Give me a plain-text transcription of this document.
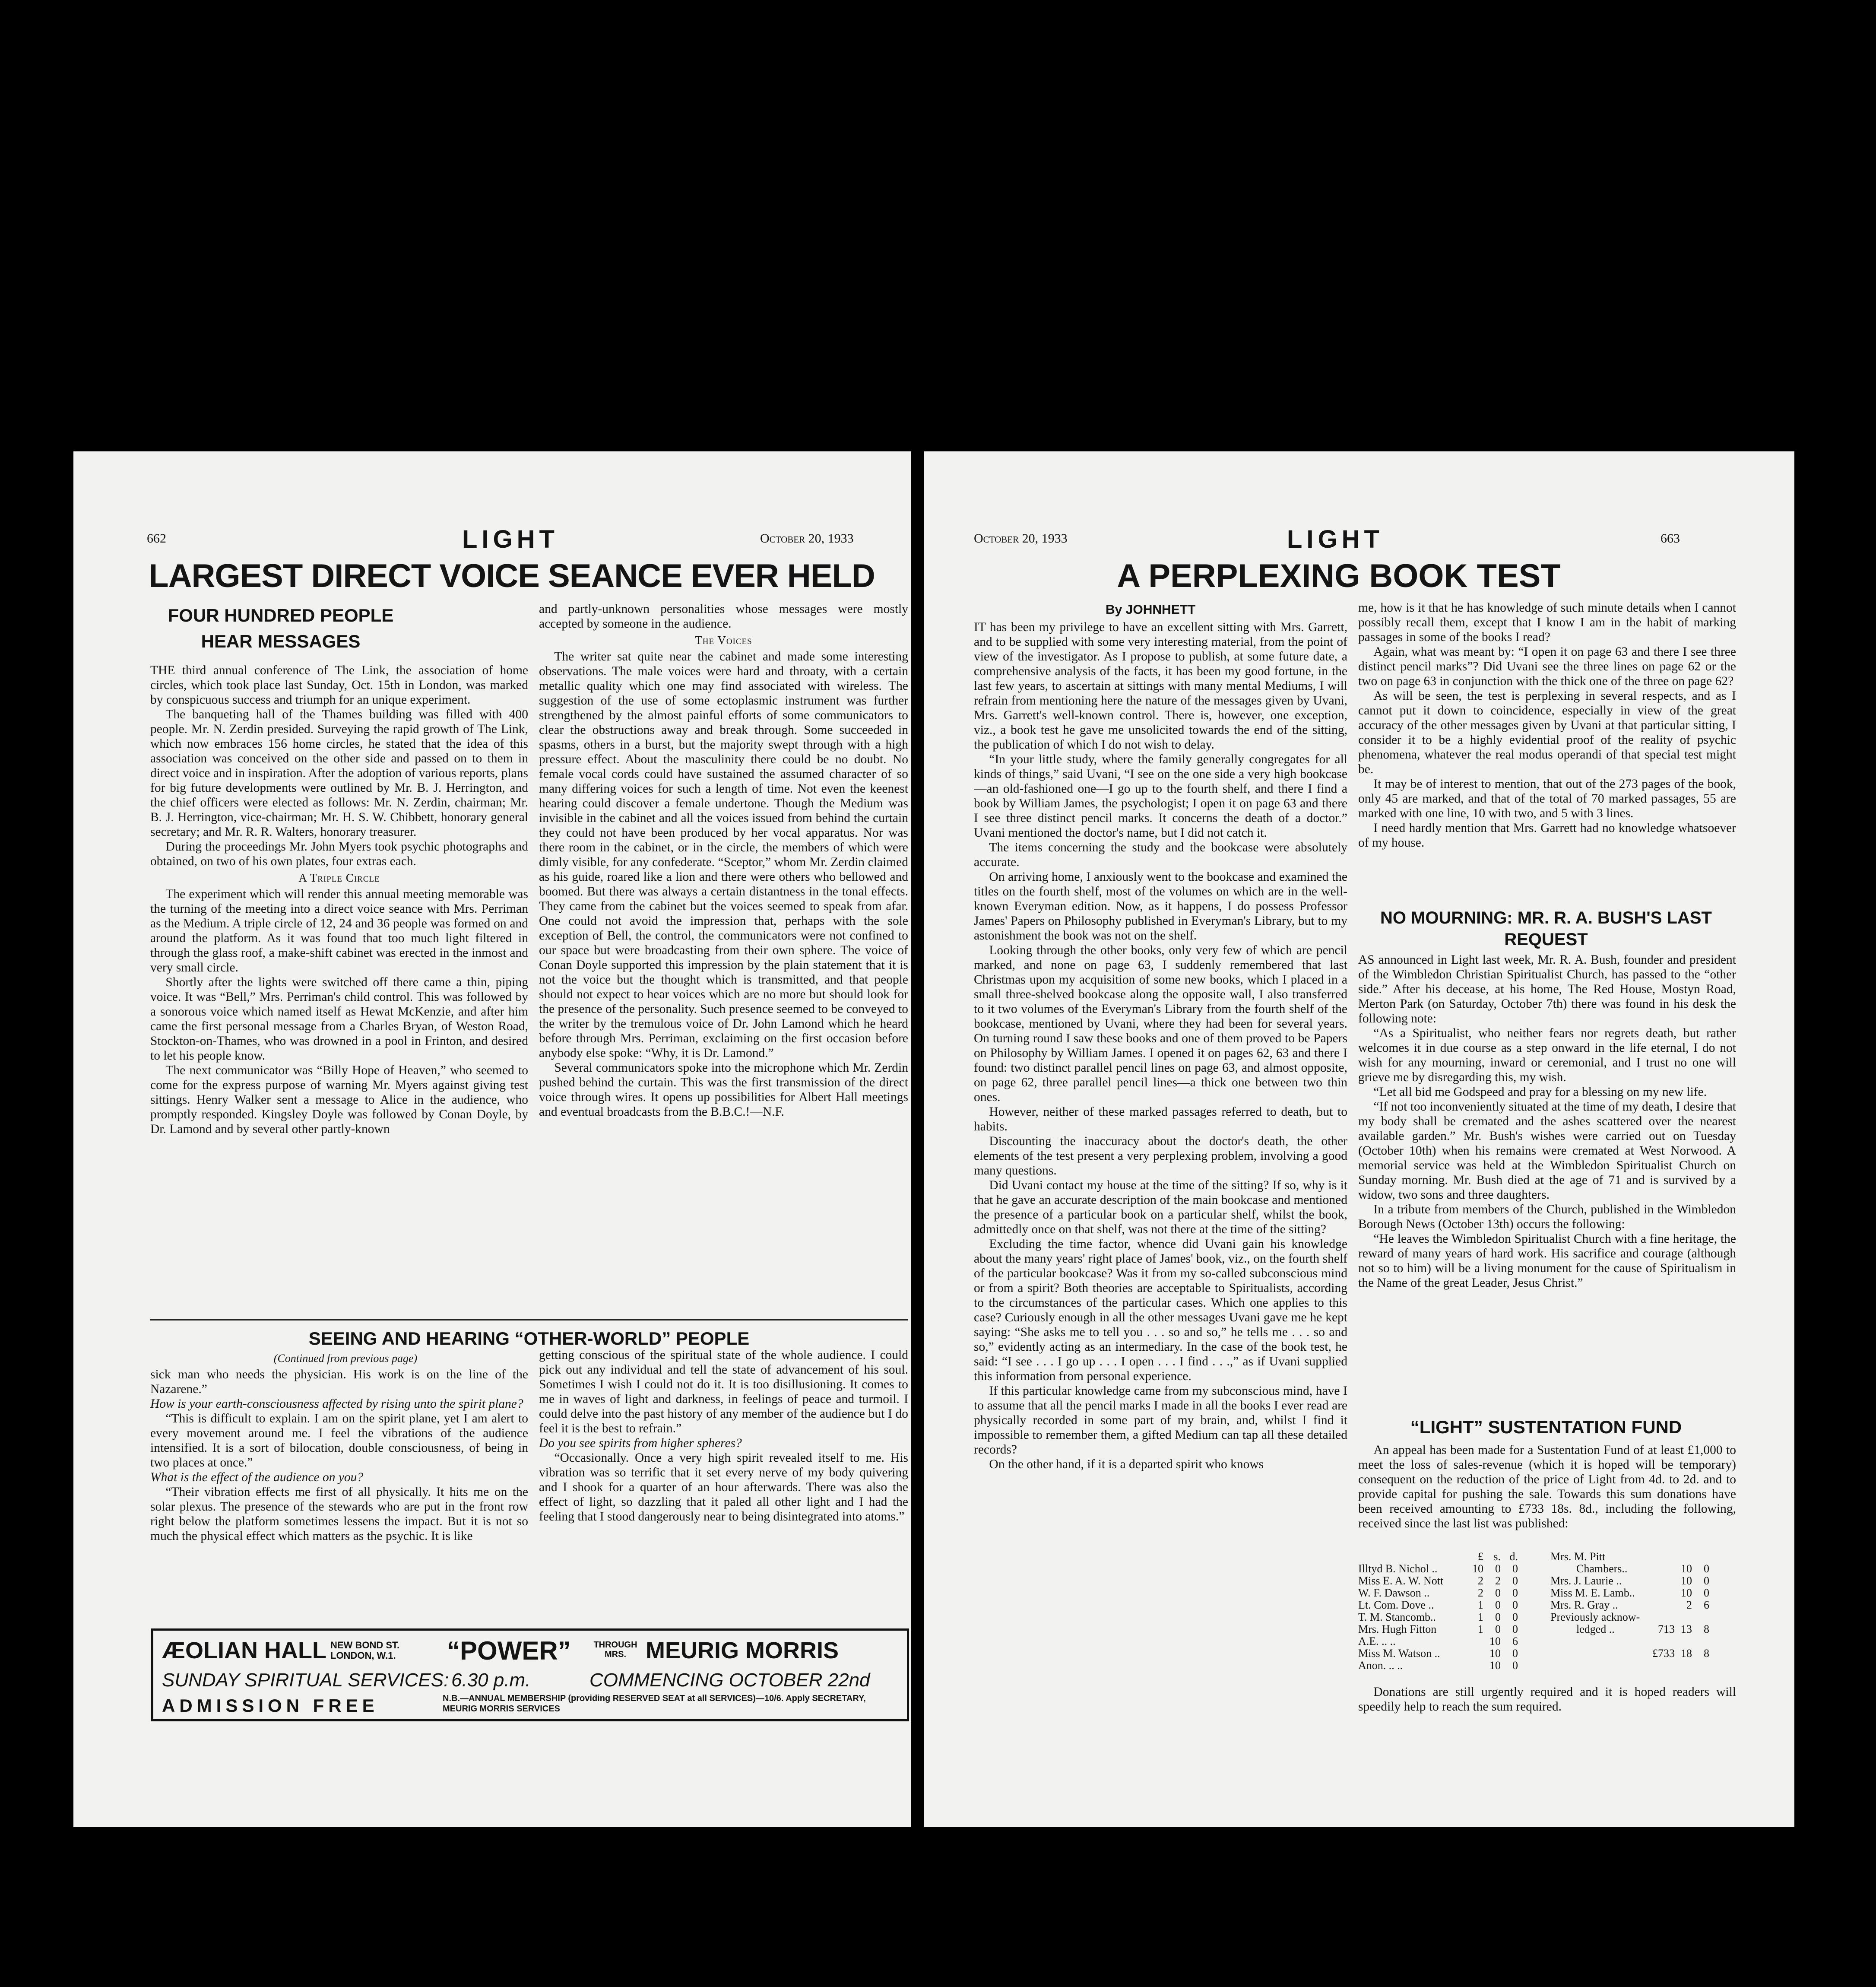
662	LIGHT	October 20, 1933
LARGEST DIRECT VOICE SEANCE EVER HELD
FOUR HUNDRED PEOPLE HEAR MESSAGES

THE third annual conference of The Link, the association of home circles, which took place last Sunday, Oct. 15th in London, was marked by conspicuous success and triumph for an unique experiment.

The banqueting hall of the Thames building was filled with 400 people. Mr. N. Zerdin presided. Surveying the rapid growth of The Link, which now embraces 156 home circles, he stated that the idea of this association was conceived on the other side and passed on to them in direct voice and in inspiration. After the adoption of various reports, plans for big future developments were outlined by Mr. B. J. Herrington, and the chief officers were elected as follows: Mr. N. Zerdin, chairman; Mr. B. J. Herrington, vice-chairman; Mr. H. S. W. Chibbett, honorary general secretary; and Mr. R. R. Walters, honorary treasurer.

During the proceedings Mr. John Myers took psychic photographs and obtained, on two of his own plates, four extras each.

A Triple Circle

The experiment which will render this annual meeting memorable was the turning of the meeting into a direct voice seance with Mrs. Perriman as the Medium. A triple circle of 12, 24 and 36 people was formed on and around the platform. As it was found that too much light filtered in through the glass roof, a make-shift cabinet was erected in the inmost and very small circle.

Shortly after the lights were switched off there came a thin, piping voice. It was “Bell,” Mrs. Perriman's child control. This was followed by a sonorous voice which named itself as Hewat McKenzie, and after him came the first personal message from a Charles Bryan, of Weston Road, Stockton-on-Thames, who was drowned in a pool in Frinton, and desired to let his people know.

The next communicator was “Billy Hope of Heaven,” who seemed to come for the express purpose of warning Mr. Myers against giving test sittings. Henry Walker sent a message to Alice in the audience, who promptly responded. Kingsley Doyle was followed by Conan Doyle, by Dr. Lamond and by several other partly-known

and partly-unknown personalities whose messages were mostly accepted by someone in the audience.

The Voices

The writer sat quite near the cabinet and made some interesting observations. The male voices were hard and throaty, with a certain metallic quality which one may find associated with wireless. The suggestion of the use of some ectoplasmic instrument was further strengthened by the almost painful efforts of some communicators to clear the obstructions away and break through. Some succeeded in spasms, others in a burst, but the majority swept through with a high pressure effect. About the masculinity there could be no doubt. No female vocal cords could have sustained the assumed character of so many differing voices for such a length of time. Not even the keenest hearing could discover a female undertone. Though the Medium was invisible in the cabinet and all the voices issued from behind the curtain they could not have been produced by her vocal apparatus. Nor was there room in the cabinet, or in the circle, the members of which were dimly visible, for any confederate. “Sceptor,” whom Mr. Zerdin claimed as his guide, roared like a lion and there were others who bellowed and boomed. But there was always a certain distantness in the tonal effects. They came from the cabinet but the voices seemed to speak from afar. One could not avoid the impression that, perhaps with the sole exception of Bell, the control, the communicators were not confined to our space but were broadcasting from their own sphere. The voice of Conan Doyle supported this impression by the plain statement that it is not the voice but the thought which is transmitted, and that people should not expect to hear voices which are no more but should look for the presence of the personality. Such presence seemed to be conveyed to the writer by the tremulous voice of Dr. John Lamond which he heard before through Mrs. Perriman, exclaiming on the first occasion before anybody else spoke: “Why, it is Dr. Lamond.”

Several communicators spoke into the microphone which Mr. Zerdin pushed behind the curtain. This was the first transmission of the direct voice through wires. It opens up possibilities for Albert Hall meetings and eventual broadcasts from the B.B.C.!—N.F.

SEEING AND HEARING “OTHER-WORLD” PEOPLE
(Continued from previous page)

sick man who needs the physician. His work is on the line of the Nazarene.”

How is your earth-consciousness affected by rising unto the spirit plane?

“This is difficult to explain. I am on the spirit plane, yet I am alert to every movement around me. I feel the vibrations of the audience intensified. It is a sort of bilocation, double consciousness, of being in two places at once.”

What is the effect of the audience on you?

“Their vibration effects me first of all physically. It hits me on the solar plexus. The presence of the stewards who are put in the front row right below the platform sometimes lessens the impact. But it is not so much the physical effect which matters as the psychic. It is like

getting conscious of the spiritual state of the whole audience. I could pick out any individual and tell the state of advancement of his soul. Sometimes I wish I could not do it. It is too disillusioning. It comes to me in waves of light and darkness, in feelings of peace and turmoil. I could delve into the past history of any member of the audience but I do feel it is the best to refrain.”

Do you see spirits from higher spheres?

“Occasionally. Once a very high spirit revealed itself to me. His vibration was so terrific that it set every nerve of my body quivering and I shook for a quarter of an hour afterwards. There was also the effect of light, so dazzling that it paled all other light and I had the feeling that I stood dangerously near to being disintegrated into atoms.”

ÆOLIAN HALL NEW BOND ST. LONDON, W.1.	“POWER”	THROUGH MRS. MEURIG MORRIS
SUNDAY SPIRITUAL SERVICES: 6.30 p.m.	COMMENCING OCTOBER 22nd
ADMISSION FREE	N.B.—ANNUAL MEMBERSHIP (providing RESERVED SEAT at all SERVICES)—10/6. Apply SECRETARY, MEURIG MORRIS SERVICES
October 20, 1933	LIGHT	663
A PERPLEXING BOOK TEST
By JOHNHETT

IT has been my privilege to have an excellent sitting with Mrs. Garrett, and to be supplied with some very interesting material, from the point of view of the investigator. As I propose to publish, at some future date, a comprehensive analysis of the facts, it has been my good fortune, in the last few years, to ascertain at sittings with many mental Mediums, I will refrain from mentioning here the nature of the messages given by Uvani, Mrs. Garrett's well-known control. There is, however, one exception, viz., a book test he gave me unsolicited towards the end of the sitting, the publication of which I do not wish to delay.

“In your little study, where the family generally congregates for all kinds of things,” said Uvani, “I see on the one side a very high bookcase—an old-fashioned one—I go up to the fourth shelf, and there I find a book by William James, the psychologist; I open it on page 63 and there I see three distinct pencil marks. It concerns the death of a doctor.” Uvani mentioned the doctor's name, but I did not catch it.

The items concerning the study and the bookcase were absolutely accurate.

On arriving home, I anxiously went to the bookcase and examined the titles on the fourth shelf, most of the volumes on which are in the well-known Everyman edition. Now, as it happens, I do possess Professor James' Papers on Philosophy published in Everyman's Library, but to my astonishment the book was not on the shelf.

Looking through the other books, only very few of which are pencil marked, and none on page 63, I suddenly remembered that last Christmas upon my acquisition of some new books, which I placed in a small three-shelved bookcase along the opposite wall, I also transferred to it two volumes of the Everyman's Library from the fourth shelf of the bookcase, mentioned by Uvani, where they had been for several years. On turning round I saw these books and one of them proved to be Papers on Philosophy by William James. I opened it on pages 62, 63 and there I found: two distinct parallel pencil lines on page 63, and almost opposite, on page 62, three parallel pencil lines—a thick one between two thin ones.

However, neither of these marked passages referred to death, but to habits.

Discounting the inaccuracy about the doctor's death, the other elements of the test present a very perplexing problem, involving a good many questions.

Did Uvani contact my house at the time of the sitting? If so, why is it that he gave an accurate description of the main bookcase and mentioned the presence of a particular book on a particular shelf, whilst the book, admittedly once on that shelf, was not there at the time of the sitting?

Excluding the time factor, whence did Uvani gain his knowledge about the many years' right place of James' book, viz., on the fourth shelf of the particular bookcase? Was it from my so-called subconscious mind or from a spirit? Both theories are acceptable to Spiritualists, according to the circumstances of the particular cases. Which one applies to this case? Curiously enough in all the other messages Uvani gave me he kept saying: “She asks me to tell you . . . so and so,” he tells me . . . so and so,” evidently acting as an intermediary. In the case of the book test, he said: “I see . . . I go up . . . I open . . . I find . . .,” as if Uvani supplied this information from personal experience.

If this particular knowledge came from my subconscious mind, have I to assume that all the pencil marks I made in all the books I ever read are physically recorded in some part of my brain, and, whilst I find it impossible to remember them, a gifted Medium can tap all these detailed records?

On the other hand, if it is a departed spirit who knows

me, how is it that he has knowledge of such minute details when I cannot possibly recall them, except that I know I am in the habit of marking passages in some of the books I read?

Again, what was meant by: “I open it on page 63 and there I see three distinct pencil marks”? Did Uvani see the three lines on page 62 or the two on page 63 in conjunction with the thick one of the three on page 62?

As will be seen, the test is perplexing in several respects, and as I cannot put it down to coincidence, especially in view of the great accuracy of the other messages given by Uvani at that particular sitting, I consider it to be a highly evidential proof of the reality of psychic phenomena, whatever the real modus operandi of that special test might be.

It may be of interest to mention, that out of the 273 pages of the book, only 45 are marked, and that of the total of 70 marked passages, 55 are marked with one line, 10 with two, and 5 with 3 lines.

I need hardly mention that Mrs. Garrett had no knowledge whatsoever of my house.

NO MOURNING: MR. R. A. BUSH'S LAST REQUEST

AS announced in Light last week, Mr. R. A. Bush, founder and president of the Wimbledon Christian Spiritualist Church, has passed to the “other side.” After his decease, at his home, The Red House, Mostyn Road, Merton Park (on Saturday, October 7th) there was found in his desk the following note:

“As a Spiritualist, who neither fears nor regrets death, but rather welcomes it in due course as a step onward in the life eternal, I do not wish for any mourning, inward or ceremonial, and I trust no one will grieve me by disregarding this, my wish.

“Let all bid me Godspeed and pray for a blessing on my new life.

“If not too inconveniently situated at the time of my death, I desire that my body shall be cremated and the ashes scattered over the nearest available garden.” Mr. Bush's wishes were carried out on Tuesday (October 10th) when his remains were cremated at West Norwood. A memorial service was held at the Wimbledon Spiritualist Church on Sunday morning. Mr. Bush died at the age of 71 and is survived by a widow, two sons and three daughters.

In a tribute from members of the Church, published in the Wimbledon Borough News (October 13th) occurs the following:

“He leaves the Wimbledon Spiritualist Church with a fine heritage, the reward of many years of hard work. His sacrifice and courage (although not so to him) will be a living monument for the cause of Spiritualism in the Name of the great Leader, Jesus Christ.”

“LIGHT” SUSTENTATION FUND

An appeal has been made for a Sustentation Fund of at least £1,000 to meet the loss of sales-revenue (which it is hoped will be temporary) consequent on the reduction of the price of Light from 4d. to 2d. and to provide capital for pushing the sale. Towards this sum donations have been received amounting to £733 18s. 8d., including the following, received since the last list was published:

	£	s.	d.
Illtyd B. Nichol ..	10	0	0
Miss E. A. W. Nott	2	2	0
W. F. Dawson ..	2	0	0
Lt. Com. Dove ..	1	0	0
T. M. Stancomb..	1	0	0
Mrs. Hugh Fitton	1	0	0
A.E. .. ..		10	6
Miss M. Watson ..		10	0
Anon. .. ..		10	0
Mrs. M. Pitt			
Chambers..		10	0
Mrs. J. Laurie ..		10	0
Miss M. E. Lamb..		10	0
Mrs. R. Gray ..		2	6
Previously acknow-			
ledged ..	713	13	8

	£733	18	8

Donations are still urgently required and it is hoped readers will speedily help to reach the sum required.
